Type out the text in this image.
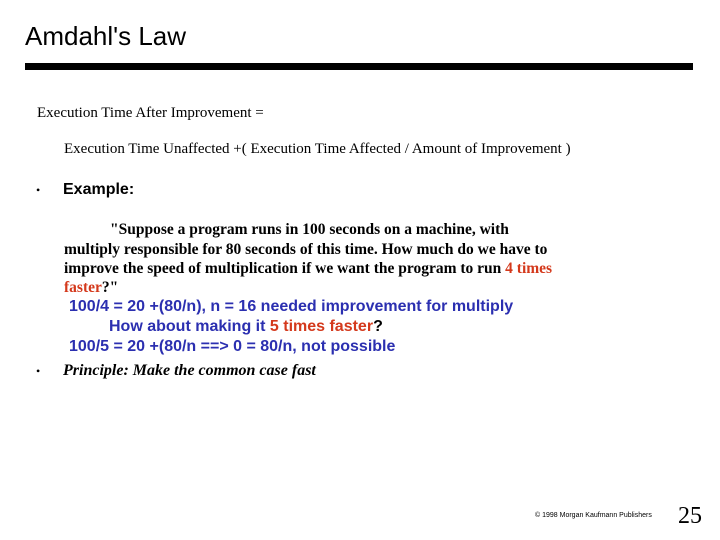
Amdahl's Law
Execution Time After Improvement =
Execution Time Unaffected +( Execution Time Affected / Amount of Improvement )
• Example:
"Suppose a program runs in 100 seconds on a machine, with
multiply responsible for 80 seconds of this time. How much do we have to
improve the speed of multiplication if we want the program to run 4 times
faster?"
100/4 = 20 +(80/n), n = 16 needed improvement for multiply
How about making it 5 times faster?
100/5 = 20 +(80/n ==> 0 = 80/n, not possible
• Principle: Make the common case fast
© 1998 Morgan Kaufmann Publishers 25
